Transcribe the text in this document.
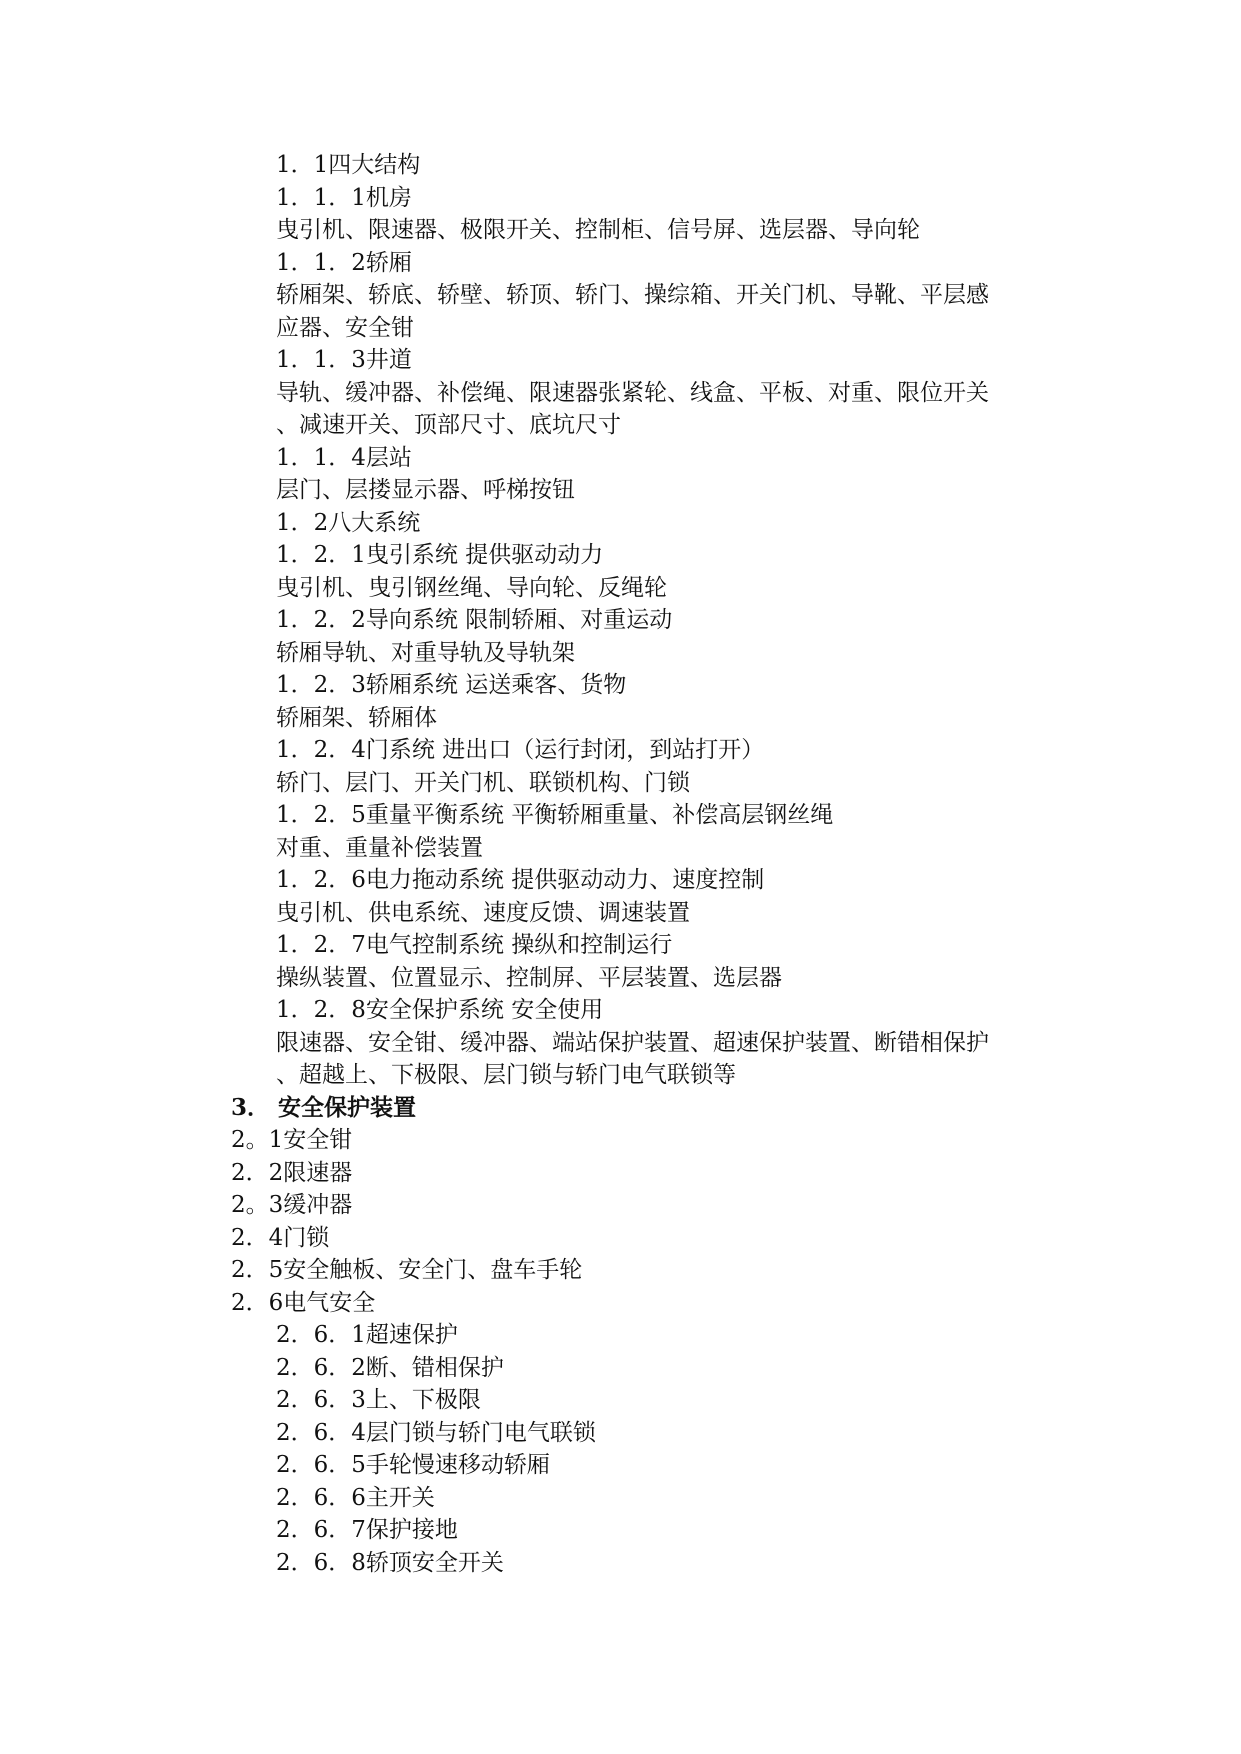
1．1四大结构
1．1．1机房
曳引机、限速器、极限开关、控制柜、信号屏、选层器、导向轮
1．1．2轿厢
轿厢架、轿底、轿壁、轿顶、轿门、操综箱、开关门机、导靴、平层感
应器、安全钳
1．1．3井道
导轨、缓冲器、补偿绳、限速器张紧轮、线盒、平板、对重、限位开关
、减速开关、顶部尺寸、底坑尺寸
1．1．4层站
层门、层搂显示器、呼梯按钮
1．2八大系统
1．2．1曳引系统 提供驱动动力
曳引机、曳引钢丝绳、导向轮、反绳轮
1．2．2导向系统 限制轿厢、对重运动
轿厢导轨、对重导轨及导轨架
1．2．3轿厢系统 运送乘客、货物
轿厢架、轿厢体
1．2．4门系统 进出口（运行封闭，到站打开）
轿门、层门、开关门机、联锁机构、门锁
1．2．5重量平衡系统 平衡轿厢重量、补偿高层钢丝绳
对重、重量补偿装置
1．2．6电力拖动系统 提供驱动动力、速度控制
曳引机、供电系统、速度反馈、调速装置
1．2．7电气控制系统 操纵和控制运行
操纵装置、位置显示、控制屏、平层装置、选层器
1．2．8安全保护系统 安全使用
限速器、安全钳、缓冲器、端站保护装置、超速保护装置、断错相保护
、超越上、下极限、层门锁与轿门电气联锁等
3． 安全保护装置
2。1安全钳
2．2限速器
2。3缓冲器
2．4门锁
2．5安全触板、安全门、盘车手轮
2．6电气安全
2．6．1超速保护
2．6．2断、错相保护
2．6．3上、下极限
2．6．4层门锁与轿门电气联锁
2．6．5手轮慢速移动轿厢
2．6．6主开关
2．6．7保护接地
2．6．8轿顶安全开关
